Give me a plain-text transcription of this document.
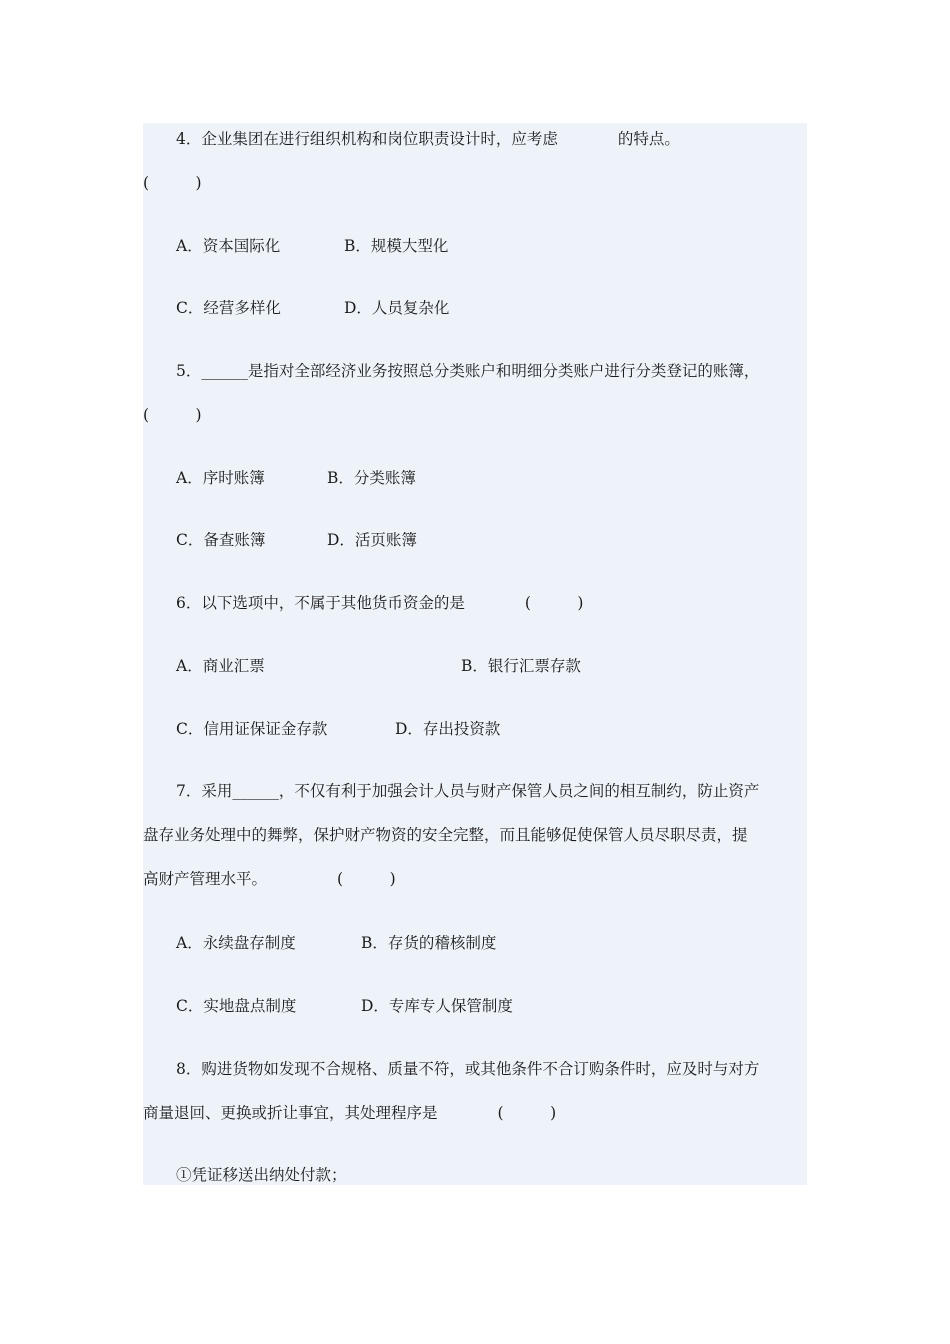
4．企业集团在进行组织机构和岗位职责设计时，应考虑	的特点。
(　　　)
A．资本国际化	B．规模大型化
C．经营多样化	D．人员复杂化
5．______是指对全部经济业务按照总分类账户和明细分类账户进行分类登记的账簿，
(　　　)
A．序时账簿	B．分类账簿
C．备查账簿	D．活页账簿
6．以下选项中，不属于其他货币资金的是	(　　　)
A．商业汇票	B．银行汇票存款
C．信用证保证金存款	D．存出投资款
7．采用______，不仅有利于加强会计人员与财产保管人员之间的相互制约，防止资产
盘存业务处理中的舞弊，保护财产物资的安全完整，而且能够促使保管人员尽职尽责，提
高财产管理水平。	(　　　)
A．永续盘存制度	B．存货的稽核制度
C．实地盘点制度	D．专库专人保管制度
8．购进货物如发现不合规格、质量不符，或其他条件不合订购条件时，应及时与对方
商量退回、更换或折让事宜，其处理程序是	(　　　)
①凭证移送出纳处付款；
